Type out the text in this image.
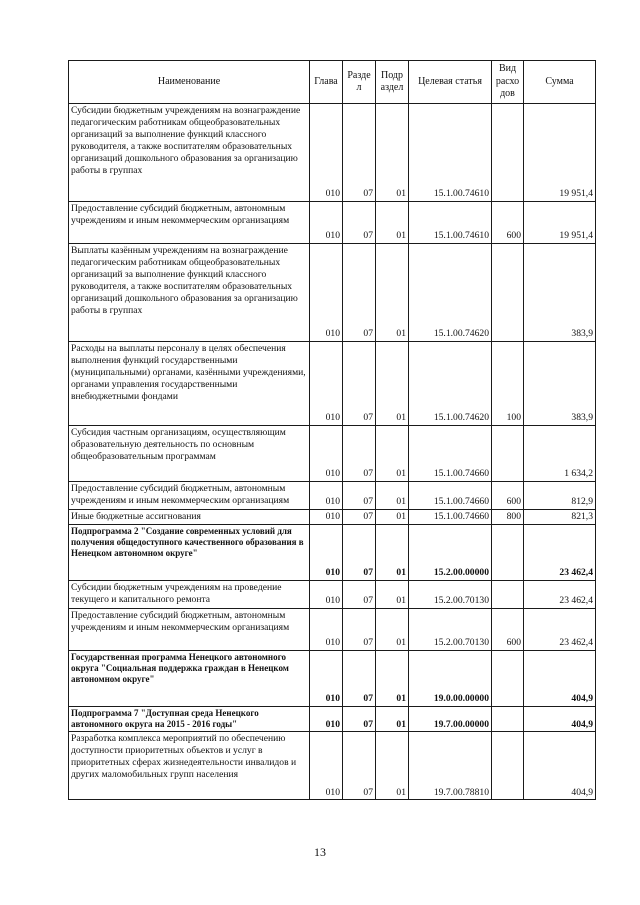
Наименование	Глава	Разде л	Подр аздел	Целевая статья	Вид расхо дов	Сумма
Субсидии бюджетным учреждениям на вознаграждение педагогическим работникам общеобразовательных организаций за выполнение функций классного руководителя, а также воспитателям образовательных организаций дошкольного образования за организацию работы в группах	010	07	01	15.1.00.74610		19 951,4
Предоставление субсидий бюджетным, автономным учреждениям и иным некоммерческим организациям	010	07	01	15.1.00.74610	600	19 951,4
Выплаты казённым учреждениям на вознаграждение педагогическим работникам общеобразовательных организаций за выполнение функций классного руководителя, а также воспитателям образовательных организаций дошкольного образования за организацию работы в группах	010	07	01	15.1.00.74620		383,9
Расходы на выплаты персоналу в целях обеспечения выполнения функций государственными (муниципальными) органами, казёнными учреждениями, органами управления государственными внебюджетными фондами	010	07	01	15.1.00.74620	100	383,9
Субсидия частным организациям, осуществляющим образовательную деятельность по основным общеобразовательным программам	010	07	01	15.1.00.74660		1 634,2
Предоставление субсидий бюджетным, автономным учреждениям и иным некоммерческим организациям	010	07	01	15.1.00.74660	600	812,9
Иные бюджетные ассигнования	010	07	01	15.1.00.74660	800	821,3
Подпрограмма 2 "Создание современных условий для получения общедоступного качественного образования в Ненецком автономном округе"	010	07	01	15.2.00.00000		23 462,4
Субсидии бюджетным учреждениям на проведение текущего и капитального ремонта	010	07	01	15.2.00.70130		23 462,4
Предоставление субсидий бюджетным, автономным учреждениям и иным некоммерческим организациям	010	07	01	15.2.00.70130	600	23 462,4
Государственная программа Ненецкого автономного округа "Социальная поддержка граждан в Ненецком автономном округе"	010	07	01	19.0.00.00000		404,9
Подпрограмма 7 "Доступная среда Ненецкого автономного округа на 2015 - 2016 годы"	010	07	01	19.7.00.00000		404,9
Разработка комплекса мероприятий по обеспечению доступности приоритетных объектов и услуг в приоритетных сферах жизнедеятельности инвалидов и других маломобильных групп населения	010	07	01	19.7.00.78810		404,9
13
